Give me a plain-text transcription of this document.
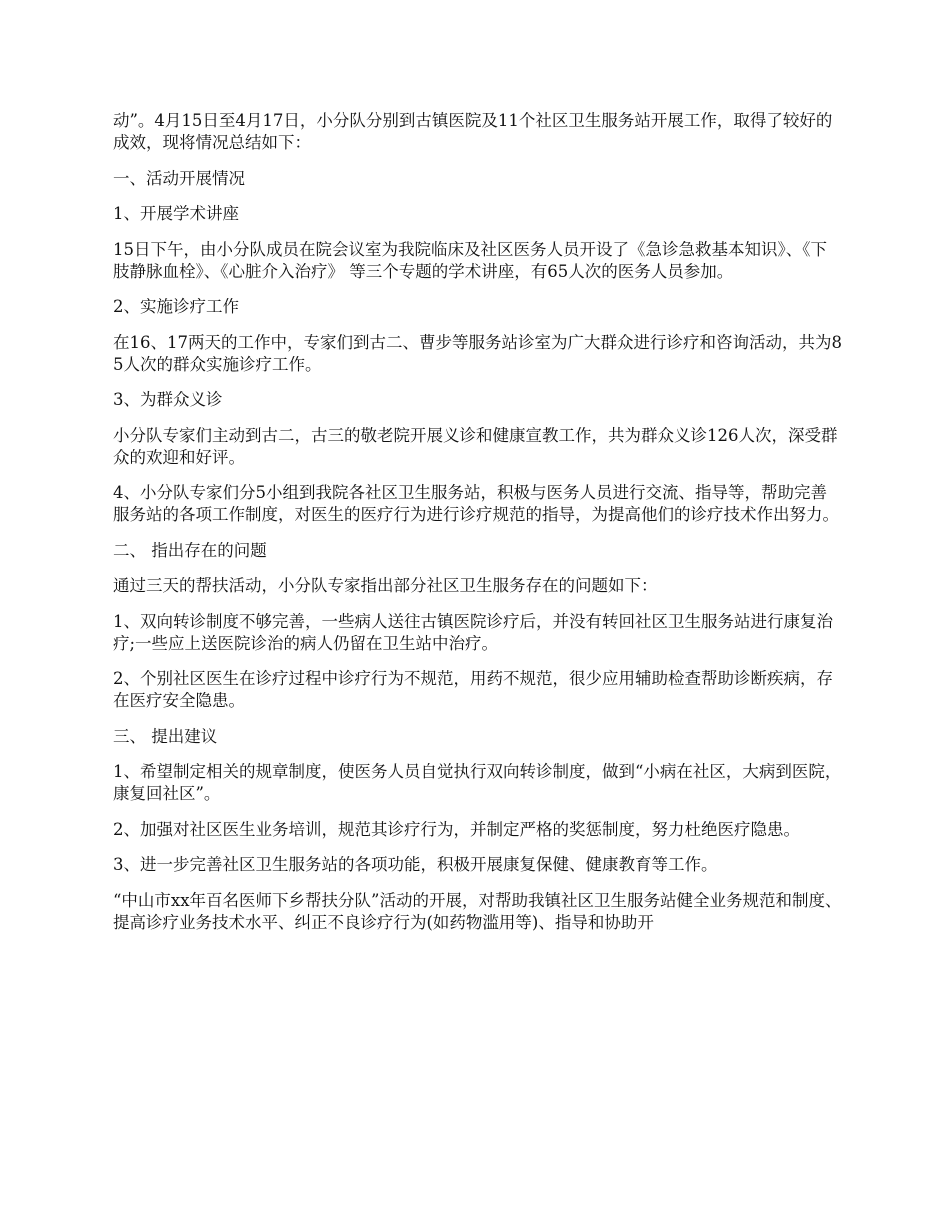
动”。4月15日至4月17日，小分队分别到古镇医院及11个社区卫生服务站开展工作，取得了较好的成效，现将情况总结如下：

一、活动开展情况

1、开展学术讲座

15日下午，由小分队成员在院会议室为我院临床及社区医务人员开设了《急诊急救基本知识》、《下肢静脉血栓》、《心脏介入治疗》 等三个专题的学术讲座，有65人次的医务人员参加。

2、实施诊疗工作

在16、17两天的工作中，专家们到古二、曹步等服务站诊室为广大群众进行诊疗和咨询活动，共为85人次的群众实施诊疗工作。

3、为群众义诊

小分队专家们主动到古二，古三的敬老院开展义诊和健康宣教工作，共为群众义诊126人次，深受群众的欢迎和好评。

4、小分队专家们分5小组到我院各社区卫生服务站，积极与医务人员进行交流、指导等，帮助完善服务站的各项工作制度，对医生的医疗行为进行诊疗规范的指导，为提高他们的诊疗技术作出努力。

二、 指出存在的问题

通过三天的帮扶活动，小分队专家指出部分社区卫生服务存在的问题如下：

1、双向转诊制度不够完善，一些病人送往古镇医院诊疗后，并没有转回社区卫生服务站进行康复治疗;一些应上送医院诊治的病人仍留在卫生站中治疗。

2、个别社区医生在诊疗过程中诊疗行为不规范，用药不规范，很少应用辅助检查帮助诊断疾病，存在医疗安全隐患。

三、 提出建议

1、希望制定相关的规章制度，使医务人员自觉执行双向转诊制度，做到“小病在社区，大病到医院，康复回社区”。

2、加强对社区医生业务培训，规范其诊疗行为，并制定严格的奖惩制度，努力杜绝医疗隐患。

3、进一步完善社区卫生服务站的各项功能，积极开展康复保健、健康教育等工作。

“中山市xx年百名医师下乡帮扶分队”活动的开展，对帮助我镇社区卫生服务站健全业务规范和制度、提高诊疗业务技术水平、纠正不良诊疗行为(如药物滥用等)、指导和协助开
